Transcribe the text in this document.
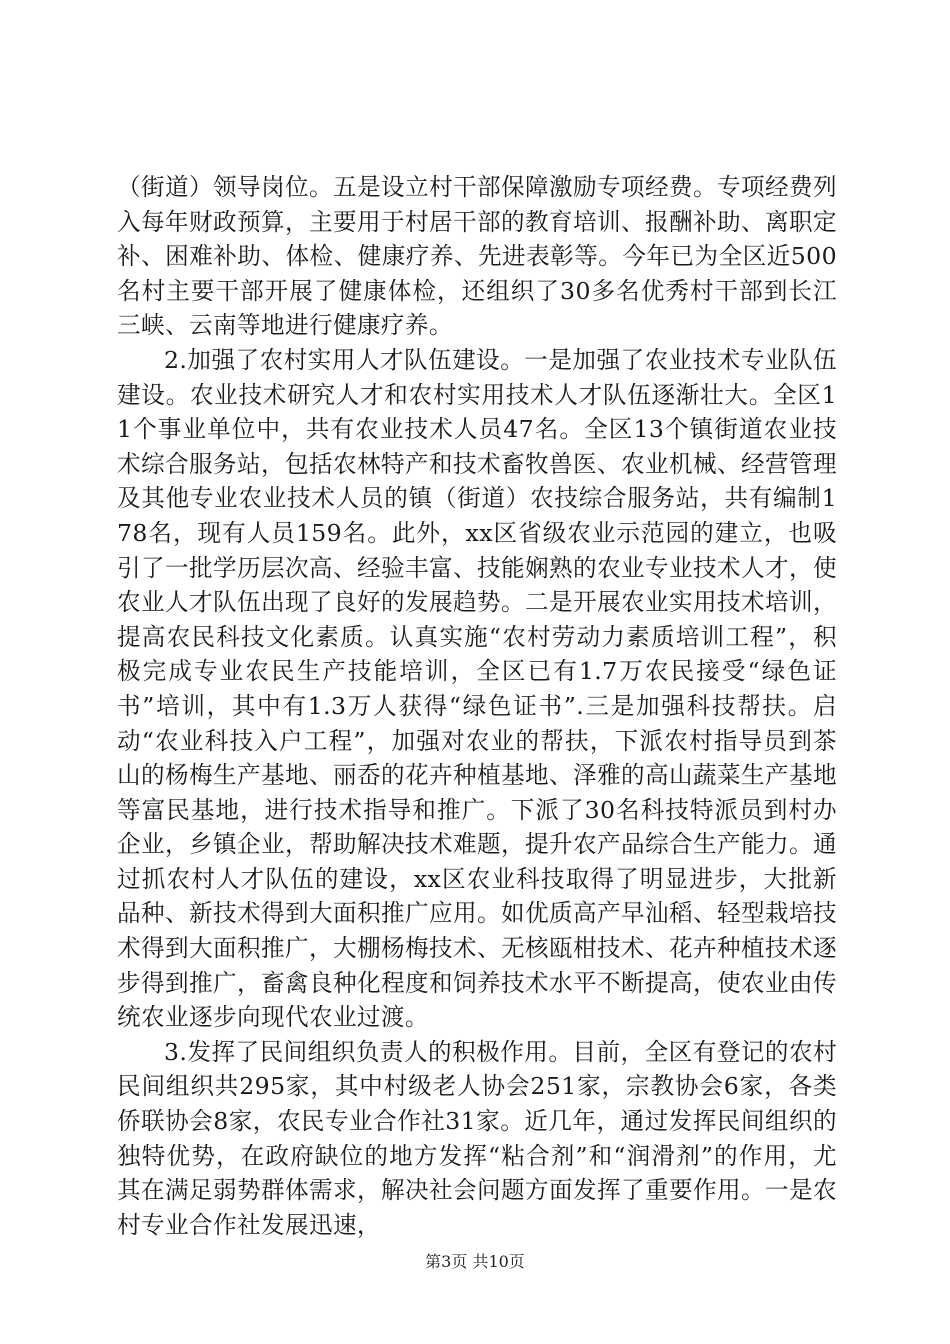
（街道）领导岗位。五是设立村干部保障激励专项经费。专项经费列入每年财政预算，主要用于村居干部的教育培训、报酬补助、离职定补、困难补助、体检、健康疗养、先进表彰等。今年已为全区近500名村主要干部开展了健康体检，还组织了30多名优秀村干部到长江三峡、云南等地进行健康疗养。

2.加强了农村实用人才队伍建设。一是加强了农业技术专业队伍建设。农业技术研究人才和农村实用技术人才队伍逐渐壮大。全区11个事业单位中，共有农业技术人员47名。全区13个镇街道农业技术综合服务站，包括农林特产和技术畜牧兽医、农业机械、经营管理及其他专业农业技术人员的镇（街道）农技综合服务站，共有编制178名，现有人员159名。此外，xx区省级农业示范园的建立，也吸引了一批学历层次高、经验丰富、技能娴熟的农业专业技术人才，使农业人才队伍出现了良好的发展趋势。二是开展农业实用技术培训，提高农民科技文化素质。认真实施“农村劳动力素质培训工程”，积极完成专业农民生产技能培训，全区已有1.7万农民接受“绿色证书”培训，其中有1.3万人获得“绿色证书”.三是加强科技帮扶。启动“农业科技入户工程”，加强对农业的帮扶，下派农村指导员到茶山的杨梅生产基地、丽岙的花卉种植基地、泽雅的高山蔬菜生产基地等富民基地，进行技术指导和推广。下派了30名科技特派员到村办企业，乡镇企业，帮助解决技术难题，提升农产品综合生产能力。通过抓农村人才队伍的建设，xx区农业科技取得了明显进步，大批新品种、新技术得到大面积推广应用。如优质高产早汕稻、轻型栽培技术得到大面积推广，大棚杨梅技术、无核瓯柑技术、花卉种植技术逐步得到推广，畜禽良种化程度和饲养技术水平不断提高，使农业由传统农业逐步向现代农业过渡。

3.发挥了民间组织负责人的积极作用。目前，全区有登记的农村民间组织共295家，其中村级老人协会251家，宗教协会6家，各类侨联协会8家，农民专业合作社31家。近几年，通过发挥民间组织的独特优势，在政府缺位的地方发挥“粘合剂”和“润滑剂”的作用，尤其在满足弱势群体需求，解决社会问题方面发挥了重要作用。一是农村专业合作社发展迅速，

第3页 共10页
